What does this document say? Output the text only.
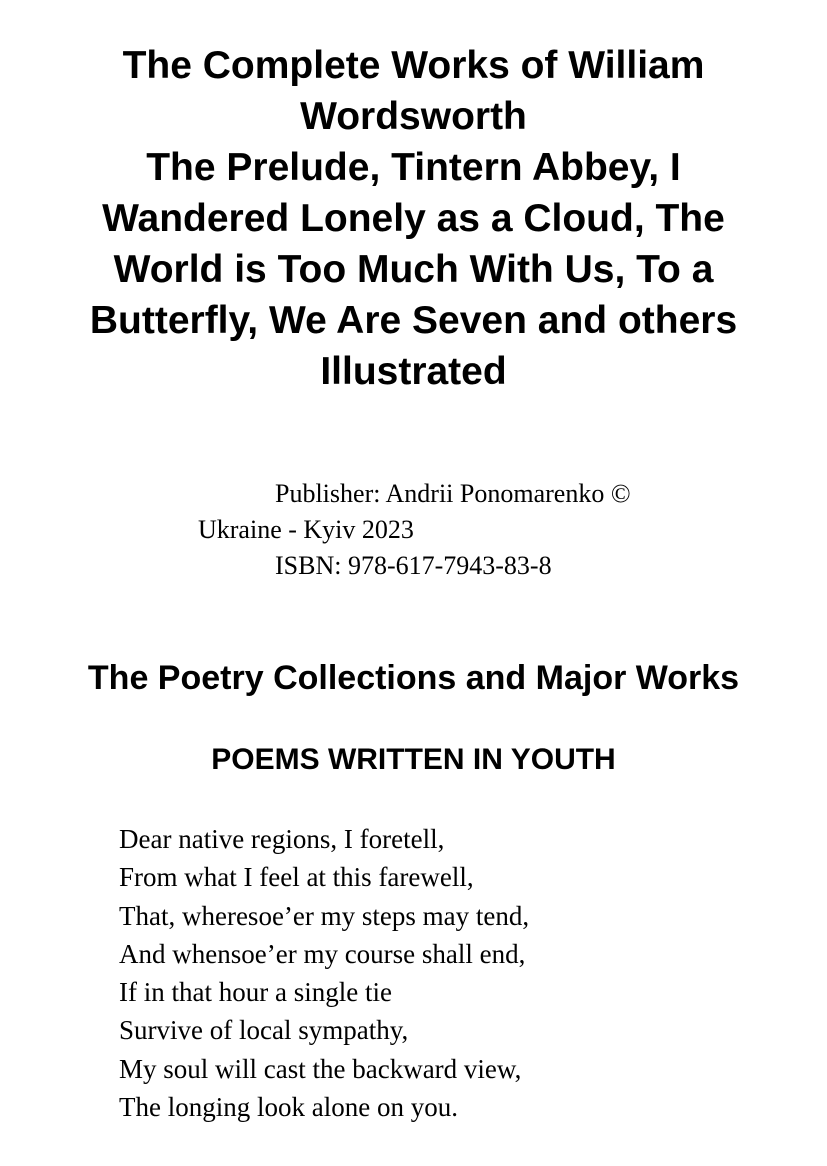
The Complete Works of William
Wordsworth
The Prelude, Tintern Abbey, I
Wandered Lonely as a Cloud, The
World is Too Much With Us, To a
Butterfly, We Are Seven and others
Illustrated
Publisher: Andrii Ponomarenko ©
Ukraine - Kyiv 2023
ISBN: 978-617-7943-83-8
The Poetry Collections and Major Works
POEMS WRITTEN IN YOUTH
Dear native regions, I foretell,
From what I feel at this farewell,
That, wheresoe’er my steps may tend,
And whensoe’er my course shall end,
If in that hour a single tie
Survive of local sympathy,
My soul will cast the backward view,
The longing look alone on you.
